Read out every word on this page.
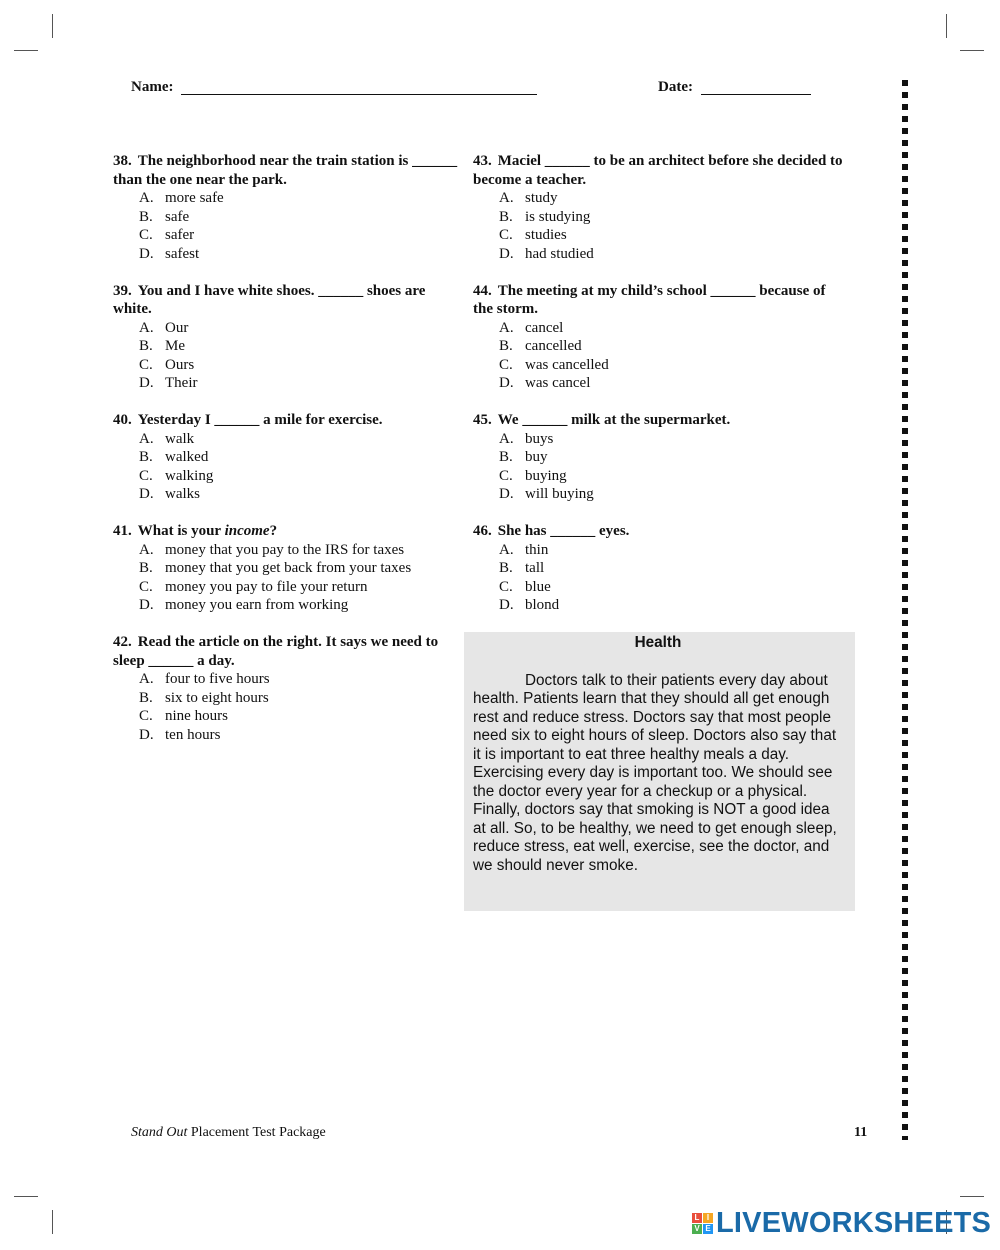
Name:	Date:
38. The neighborhood near the train station is ______ than the one near the park.
A. more safe
B. safe
C. safer
D. safest
39. You and I have white shoes. ______ shoes are white.
A. Our
B. Me
C. Ours
D. Their
40. Yesterday I ______ a mile for exercise.
A. walk
B. walked
C. walking
D. walks
41. What is your income?
A. money that you pay to the IRS for taxes
B. money that you get back from your taxes
C. money you pay to file your return
D. money you earn from working
42. Read the article on the right. It says we need to sleep ______ a day.
A. four to five hours
B. six to eight hours
C. nine hours
D. ten hours
43. Maciel ______ to be an architect before she decided to become a teacher.
A. study
B. is studying
C. studies
D. had studied
44. The meeting at my child’s school ______ because of the storm.
A. cancel
B. cancelled
C. was cancelled
D. was cancel
45. We ______ milk at the supermarket.
A. buys
B. buy
C. buying
D. will buying
46. She has ______ eyes.
A. thin
B. tall
C. blue
D. blond
Health
Doctors talk to their patients every day about health. Patients learn that they should all get enough rest and reduce stress. Doctors say that most people need six to eight hours of sleep. Doctors also say that it is important to eat three healthy meals a day. Exercising every day is important too. We should see the doctor every year for a checkup or a physical. Finally, doctors say that smoking is NOT a good idea at all. So, to be healthy, we need to get enough sleep, reduce stress, eat well, exercise, see the doctor, and we should never smoke.
Stand Out Placement Test Package	11
L I
V E LIVEWORKSHEETS
